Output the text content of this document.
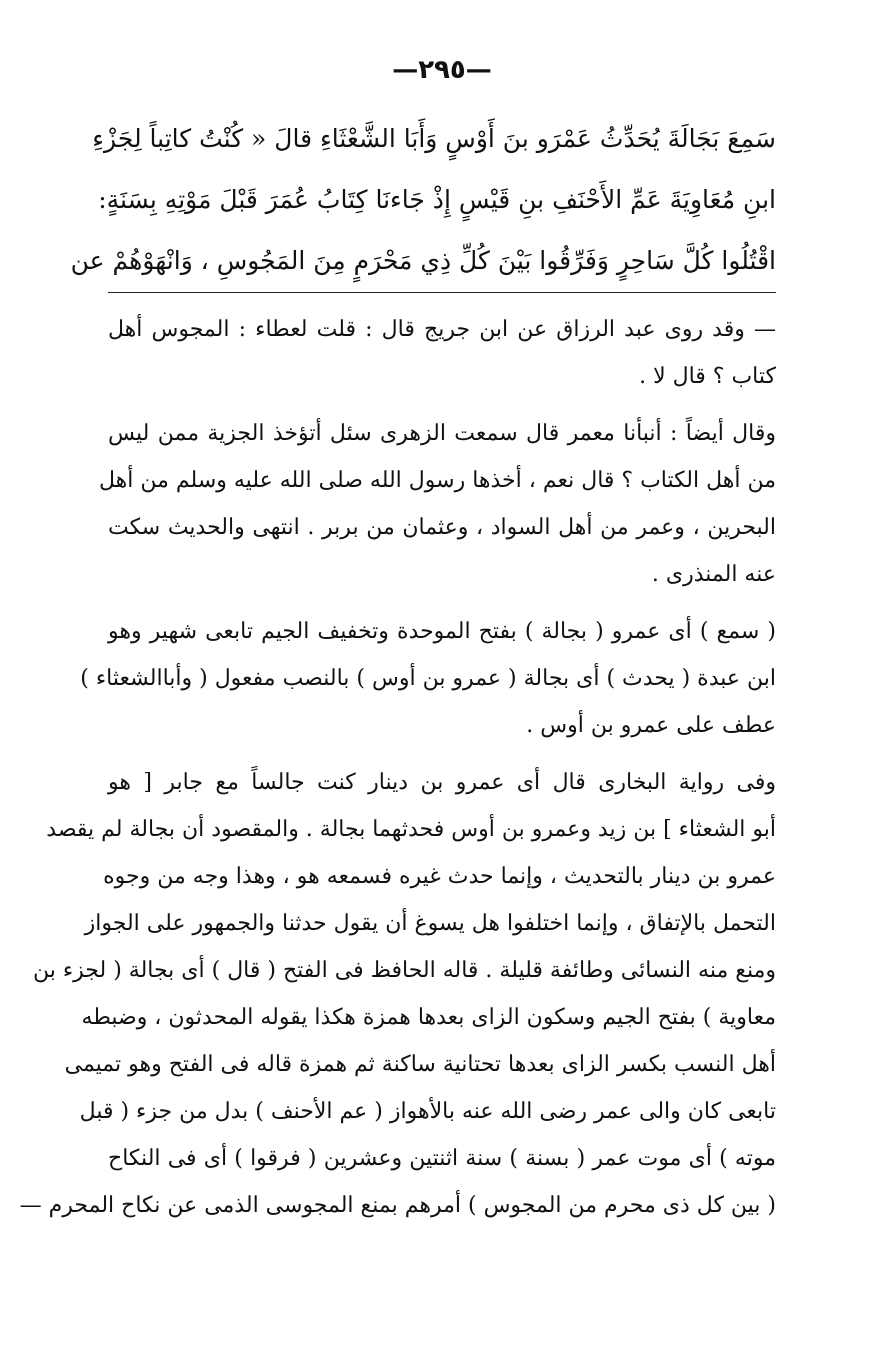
—٢٩٥—
سَمِعَ بَجَالَةَ يُحَدِّثُ عَمْرَو بنَ أَوْسٍ وَأَبَا الشَّعْثَاءِ قالَ « كُنْتُ كاتِباً لِجَزْءِ
ابنِ مُعَاوِيَةَ عَمِّ الأَحْنَفِ بنِ قَيْسٍ إِذْ جَاءنَا كِتَابُ عُمَرَ قَبْلَ مَوْتِهِ بِسَنَةٍ:
اقْتُلُوا كُلَّ سَاحِرٍ وَفَرِّقُوا بَيْنَ كُلِّ ذِي مَحْرَمٍ مِنَ المَجُوسِ ، وَانْهَوْهُمْ عن
— وقد روى عبد الرزاق عن ابن جريج قال : قلت لعطاء : المجوس أهل
كتاب ؟ قال لا .
وقال أيضاً : أنبأنا معمر قال سمعت الزهرى سئل أتؤخذ الجزية ممن ليس
من أهل الكتاب ؟ قال نعم ، أخذها رسول الله صلى الله عليه وسلم من أهل
البحرين ، وعمر من أهل السواد ، وعثمان من بربر . انتهى والحديث سكت
عنه المنذرى .
( سمع ) أى عمرو ( بجالة ) بفتح الموحدة وتخفيف الجيم تابعى شهير وهو
ابن عبدة ( يحدث ) أى بجالة ( عمرو بن أوس ) بالنصب مفعول ( وأباالشعثاء )
عطف على عمرو بن أوس .
وفى رواية البخارى قال أى عمرو بن دينار كنت جالساً مع جابر [ هو
أبو الشعثاء ] بن زيد وعمرو بن أوس فحدثهما بجالة . والمقصود أن بجالة لم يقصد
عمرو بن دينار بالتحديث ، وإنما حدث غيره فسمعه هو ، وهذا وجه من وجوه
التحمل بالإتفاق ، وإنما اختلفوا هل يسوغ أن يقول حدثنا والجمهور على الجواز
ومنع منه النسائى وطائفة قليلة . قاله الحافظ فى الفتح ( قال ) أى بجالة ( لجزء بن
معاوية ) بفتح الجيم وسكون الزاى بعدها همزة هكذا يقوله المحدثون ، وضبطه
أهل النسب بكسر الزاى بعدها تحتانية ساكنة ثم همزة قاله فى الفتح وهو تميمى
تابعى كان والى عمر رضى الله عنه بالأهواز ( عم الأحنف ) بدل من جزء ( قبل
موته ) أى موت عمر ( بسنة ) سنة اثنتين وعشرين ( فرقوا ) أى فى النكاح
( بين كل ذى محرم من المجوس ) أمرهم بمنع المجوسى الذمى عن نكاح المحرم —
